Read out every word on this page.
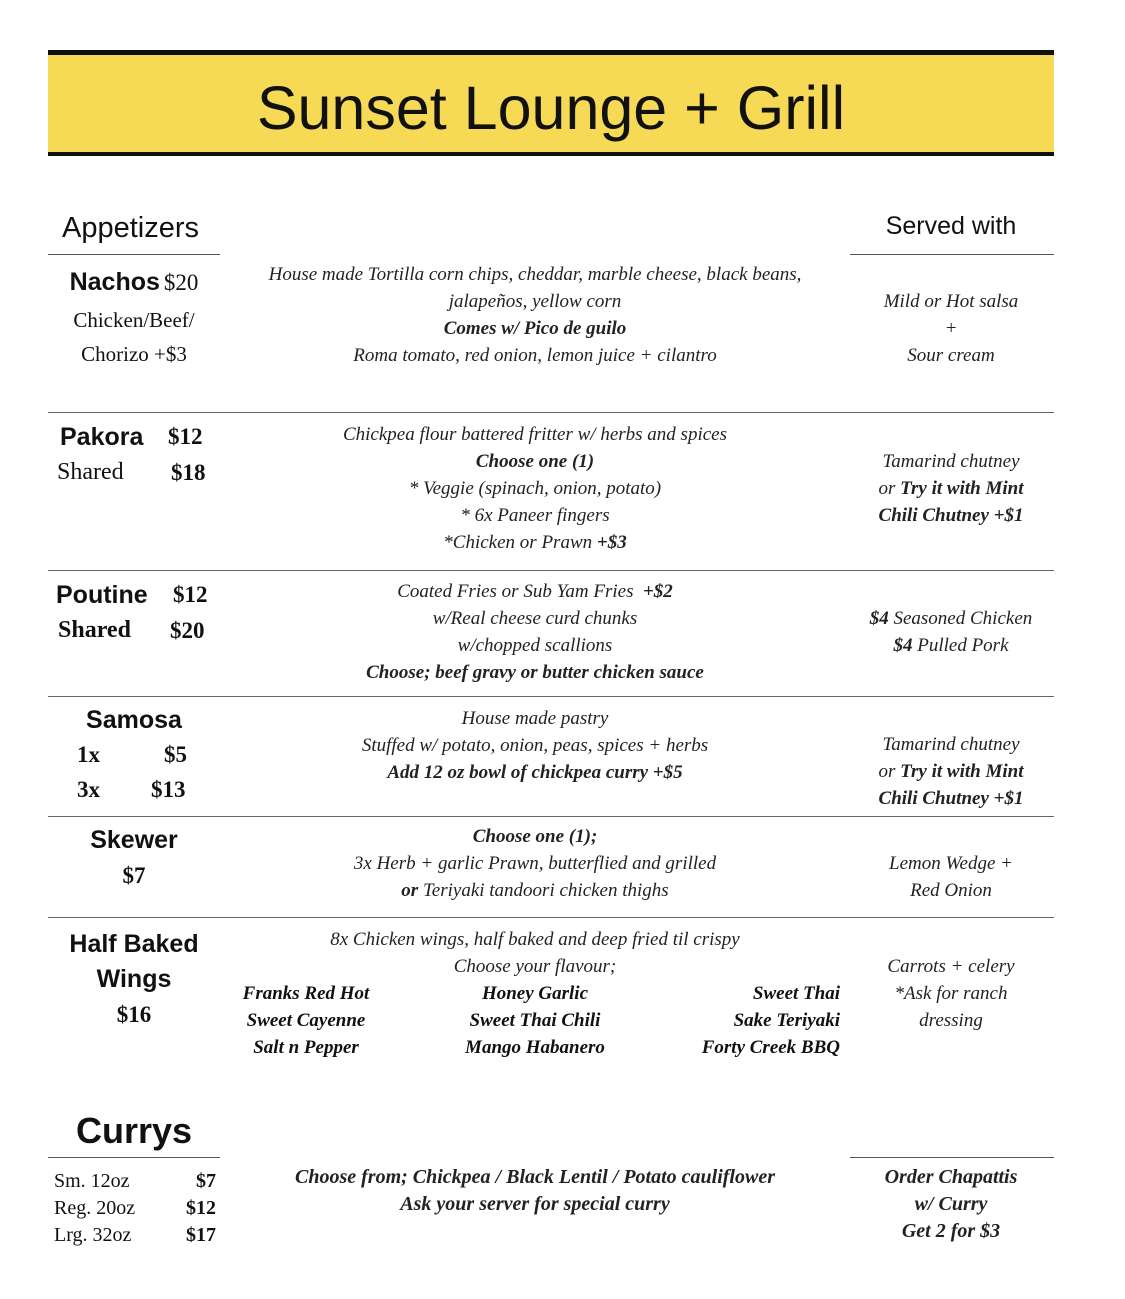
Sunset Lounge + Grill
Appetizers	Served with
Nachos $20
Chicken/Beef/
Chorizo +$3
House made Tortilla corn chips, cheddar, marble cheese, black beans,
jalapeños, yellow corn
Comes w/ Pico de guilo
Roma tomato, red onion, lemon juice + cilantro
Mild or Hot salsa
+
Sour cream
Pakora $12
Shared $18
Chickpea flour battered fritter w/ herbs and spices
Choose one (1)
* Veggie (spinach, onion, potato)
* 6x Paneer fingers
*Chicken or Prawn +$3
Tamarind chutney
or Try it with Mint
Chili Chutney +$1
Poutine $12
Shared $20
Coated Fries or Sub Yam Fries +$2
w/Real cheese curd chunks
w/chopped scallions
Choose; beef gravy or butter chicken sauce
$4 Seasoned Chicken
$4 Pulled Pork
Samosa
1x	$5
3x $13
House made pastry
Stuffed w/ potato, onion, peas, spices + herbs
Add 12 oz bowl of chickpea curry +$5
Tamarind chutney
or Try it with Mint
Chili Chutney +$1
Skewer
$7
Choose one (1);
3x Herb + garlic Prawn, butterflied and grilled
or Teriyaki tandoori chicken thighs
Lemon Wedge +
Red Onion
Half Baked
Wings
$16
8x Chicken wings, half baked and deep fried til crispy
Choose your flavour;
Franks Red Hot
Sweet Cayenne
Salt n Pepper
Honey Garlic
Sweet Thai Chili
Mango Habanero
Sweet Thai
Sake Teriyaki
Forty Creek BBQ
Carrots + celery
*Ask for ranch
dressing
Currys
Sm. 12oz	$7
Reg. 20oz	$12
Lrg. 32oz	$17
Choose from; Chickpea / Black Lentil / Potato cauliflower
Ask your server for special curry
Order Chapattis
w/ Curry
Get 2 for $3
